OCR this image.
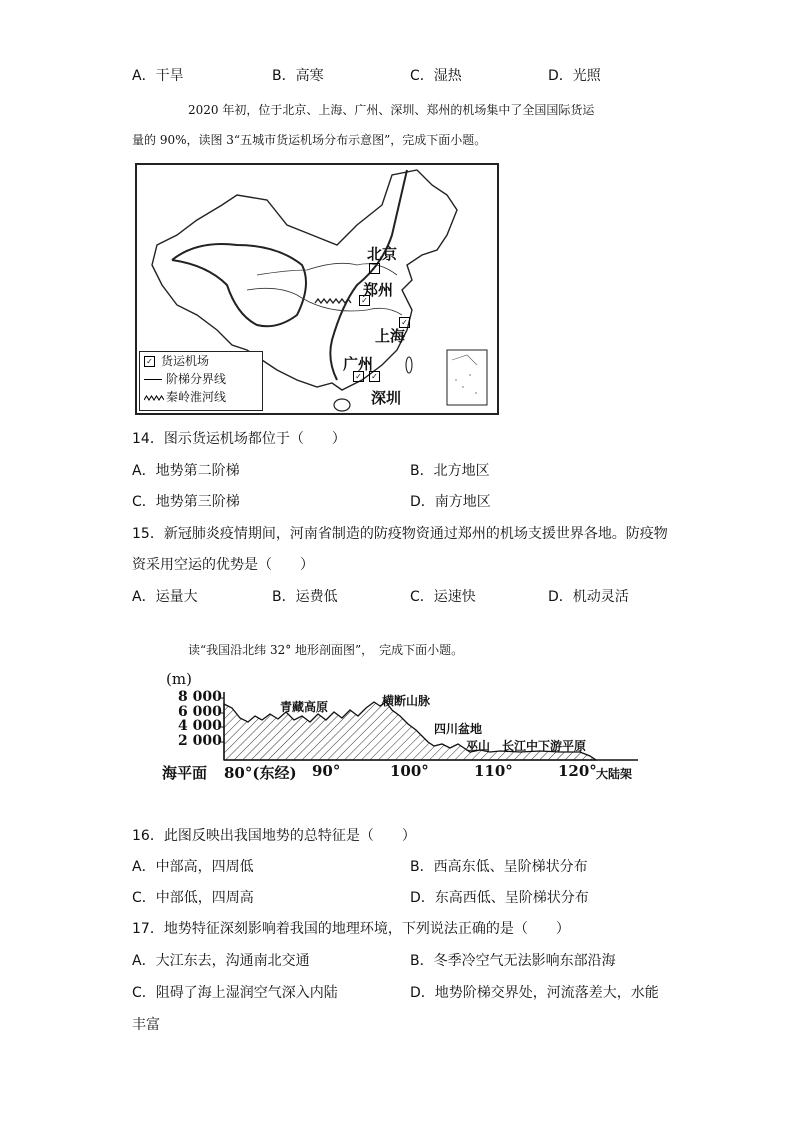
A．干旱	B．高寒	C．湿热	D．光照
2020 年初，位于北京、上海、广州、深圳、郑州的机场集中了全国国际货运
量的 90%，读图 3“五城市货运机场分布示意图”，完成下面小题。
✓
✓
✓
✓ ✓
北京
郑州
上海
广州
深圳
✓ 货运机场
阶梯分界线
秦岭淮河线
14．图示货运机场都位于（　　）
A．地势第二阶梯	B．北方地区
C．地势第三阶梯	D．南方地区
15．新冠肺炎疫情期间，河南省制造的防疫物资通过郑州的机场支援世界各地。防疫物
资采用空运的优势是（　　）
A．运量大	B．运费低	C．运速快	D．机动灵活
读“我国沿北纬 32° 地形剖面图”，　完成下面小题。
(m)
8 000
6 000
4 000
2 000
海平面 80°(东经) 90°	100°	110°	120° 大陆架
青藏高原	横断山脉
四川盆地
巫山 长江中下游平原
16．此图反映出我国地势的总特征是（　　）
A．中部高，四周低	B．西高东低、呈阶梯状分布
C．中部低，四周高	D．东高西低、呈阶梯状分布
17．地势特征深刻影响着我国的地理环境，下列说法正确的是（　　）
A．大江东去，沟通南北交通	B．冬季冷空气无法影响东部沿海
C．阻碍了海上湿润空气深入内陆	D．地势阶梯交界处，河流落差大，水能
丰富
